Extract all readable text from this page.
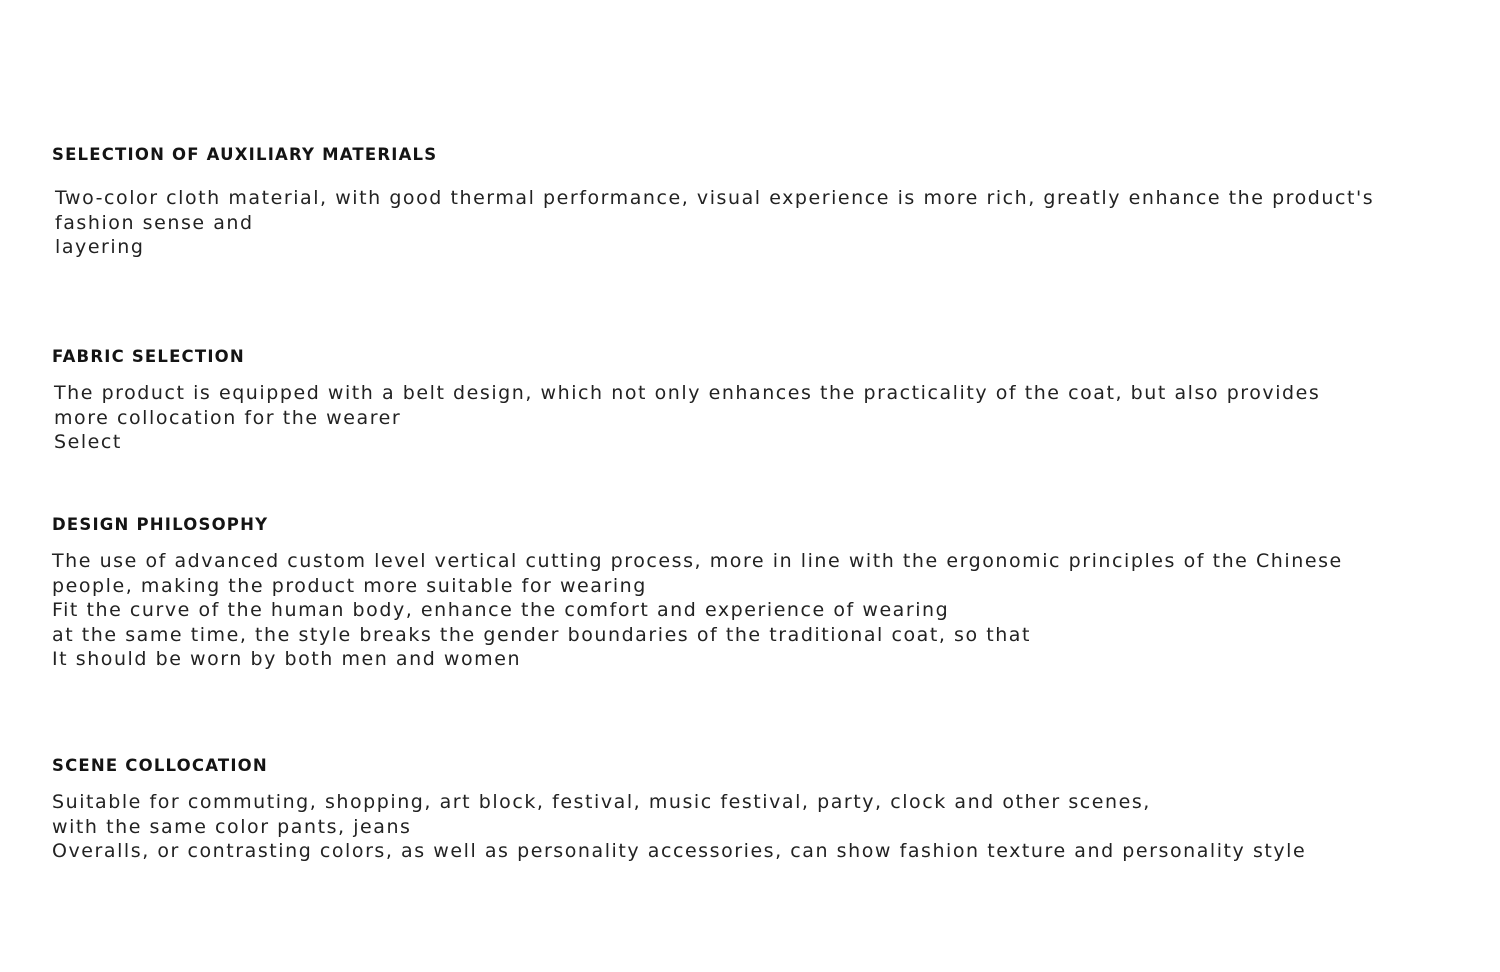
SELECTION OF AUXILIARY MATERIALS

Two-color cloth material, with good thermal performance, visual experience is more rich, greatly enhance the product's
fashion sense and
layering

FABRIC SELECTION

The product is equipped with a belt design, which not only enhances the practicality of the coat, but also provides
more collocation for the wearer
Select

DESIGN PHILOSOPHY

The use of advanced custom level vertical cutting process, more in line with the ergonomic principles of the Chinese
people, making the product more suitable for wearing
Fit the curve of the human body, enhance the comfort and experience of wearing
at the same time, the style breaks the gender boundaries of the traditional coat, so that
It should be worn by both men and women

SCENE COLLOCATION

Suitable for commuting, shopping, art block, festival, music festival, party, clock and other scenes,
with the same color pants, jeans
Overalls, or contrasting colors, as well as personality accessories, can show fashion texture and personality style
